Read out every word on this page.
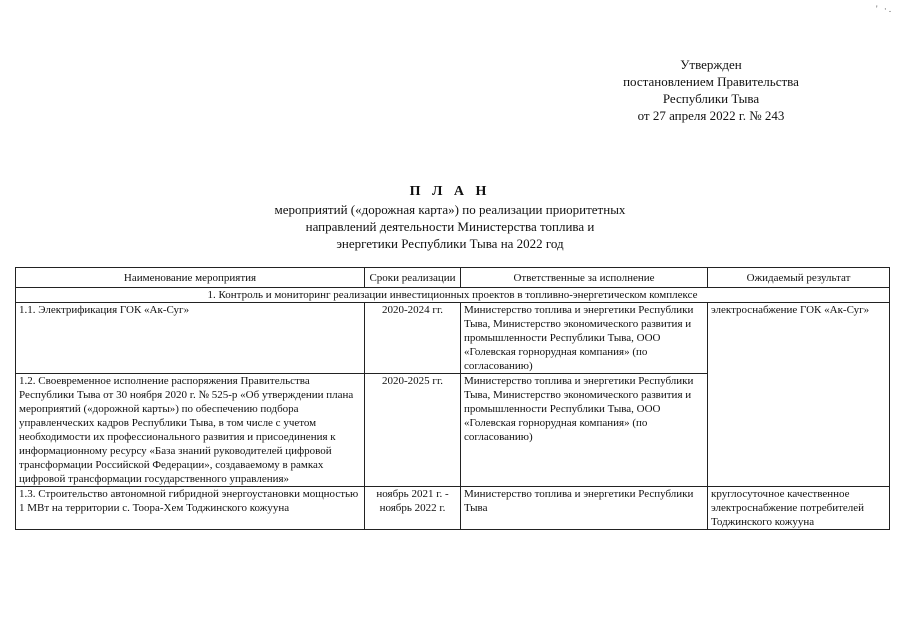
' ·.
Утвержден
постановлением Правительства
Республики Тыва
от 27 апреля 2022 г. № 243
П Л А Н
мероприятий («дорожная карта») по реализации приоритетных
направлений деятельности Министерства топлива и
энергетики Республики Тыва на 2022 год
Наименование мероприятия	Сроки реализации	Ответственные за исполнение	Ожидаемый результат
1. Контроль и мониторинг реализации инвестиционных проектов в топливно-энергетическом комплексе			
1.1. Электрификация ГОК «Ак-Суг»	2020-2024 гг.	Министерство топлива и энергетики Республики Тыва, Министерство экономического развития и промышленности Республики Тыва, ООО «Голевская горнорудная компания» (по согласованию)	электроснабжение ГОК «Ак-Суг»
1.2. Своевременное исполнение распоряжения Правительства Республики Тыва от 30 ноября 2020 г. № 525-р «Об утверждении плана мероприятий («дорожной карты») по обеспечению подбора управленческих кадров Республики Тыва, в том числе с учетом необходимости их профессионального развития и присоединения к информационному ресурсу «База знаний руководителей цифровой трансформации Российской Федерации», создаваемому в рамках цифровой трансформации государственного управления»	2020-2025 гг.	Министерство топлива и энергетики Республики Тыва, Министерство экономического развития и промышленности Республики Тыва, ООО «Голевская горнорудная компания» (по согласованию)	
1.3. Строительство автономной гибридной энергоустановки мощностью 1 МВт на территории с. Тоора-Хем Тоджинского кожууна	ноябрь 2021 г. - ноябрь 2022 г.	Министерство топлива и энергетики Республики Тыва	круглосуточное качественное электроснабжение потребителей Тоджинского кожууна
